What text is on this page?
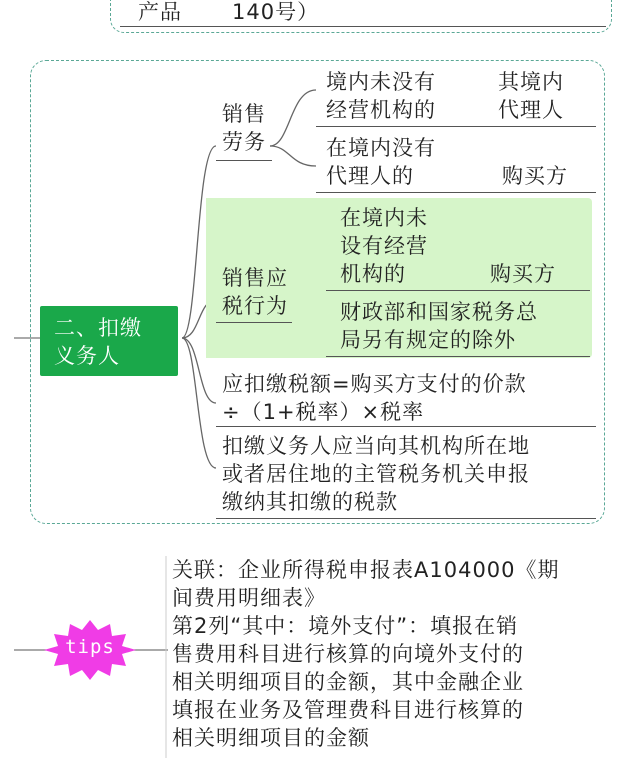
产品 140号）
二、扣缴
义务人
销售
劳务
境内未没有
经营机构的
其境内
代理人
在境内没有
代理人的	购买方
销售应
税行为
在境内未
设有经营
机构的	购买方
财政部和国家税务总
局另有规定的除外
应扣缴税额=购买方支付的价款
÷（1+税率）×税率
扣缴义务人应当向其机构所在地
或者居住地的主管税务机关申报
缴纳其扣缴的税款
tips
关联：企业所得税申报表A104000《期
间费用明细表》
第2列“其中：境外支付”：填报在销
售费用科目进行核算的向境外支付的
相关明细项目的金额，其中金融企业
填报在业务及管理费科目进行核算的
相关明细项目的金额
